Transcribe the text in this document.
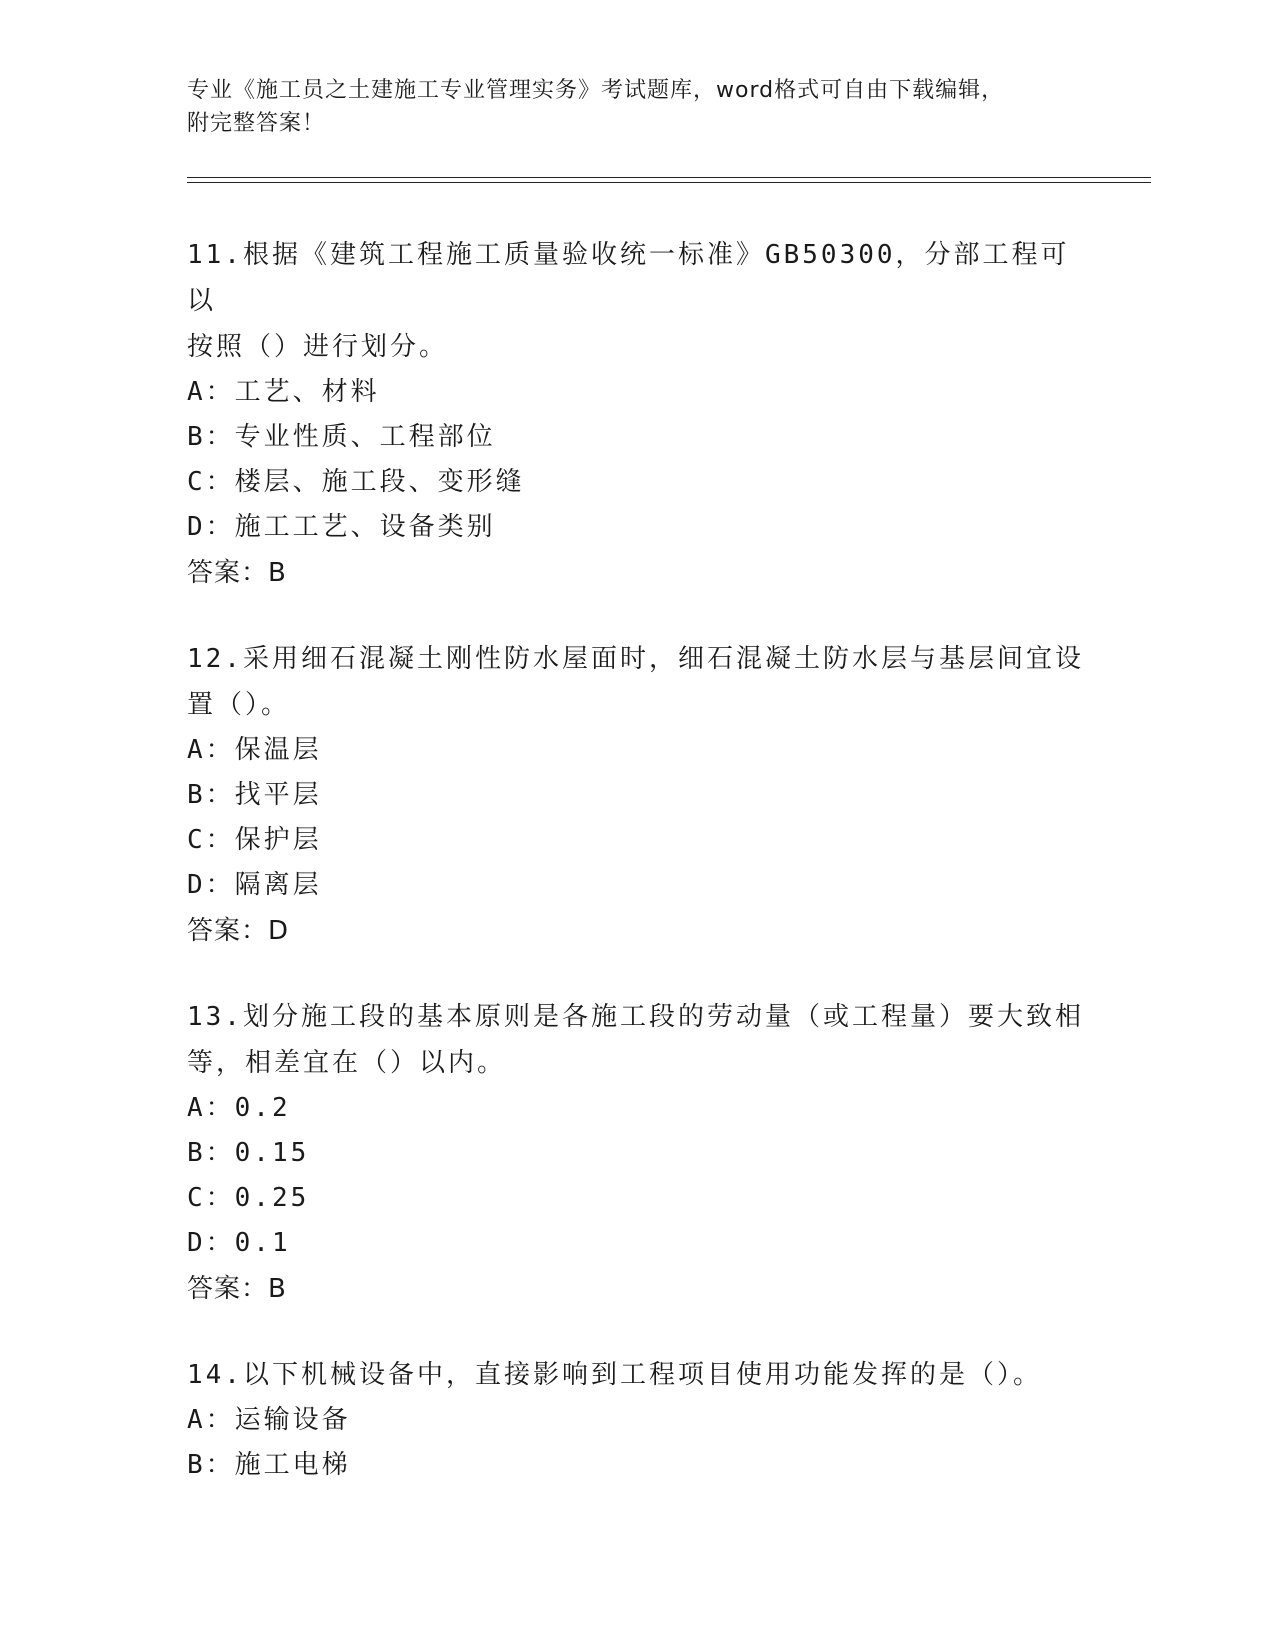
专业《施工员之土建施工专业管理实务》考试题库，word格式可自由下载编辑，
附完整答案！

11.根据《建筑工程施工质量验收统一标准》GB50300，分部工程可以

按照（）进行划分。

A：工艺、材料

B：专业性质、工程部位

C：楼层、施工段、变形缝

D：施工工艺、设备类别

答案：B

12.采用细石混凝土刚性防水屋面时，细石混凝土防水层与基层间宜设

置（）。

A：保温层

B：找平层

C：保护层

D：隔离层

答案：D

13.划分施工段的基本原则是各施工段的劳动量（或工程量）要大致相

等，相差宜在（）以内。

A：0.2

B：0.15

C：0.25

D：0.1

答案：B

14.以下机械设备中，直接影响到工程项目使用功能发挥的是（）。

A：运输设备

B：施工电梯
